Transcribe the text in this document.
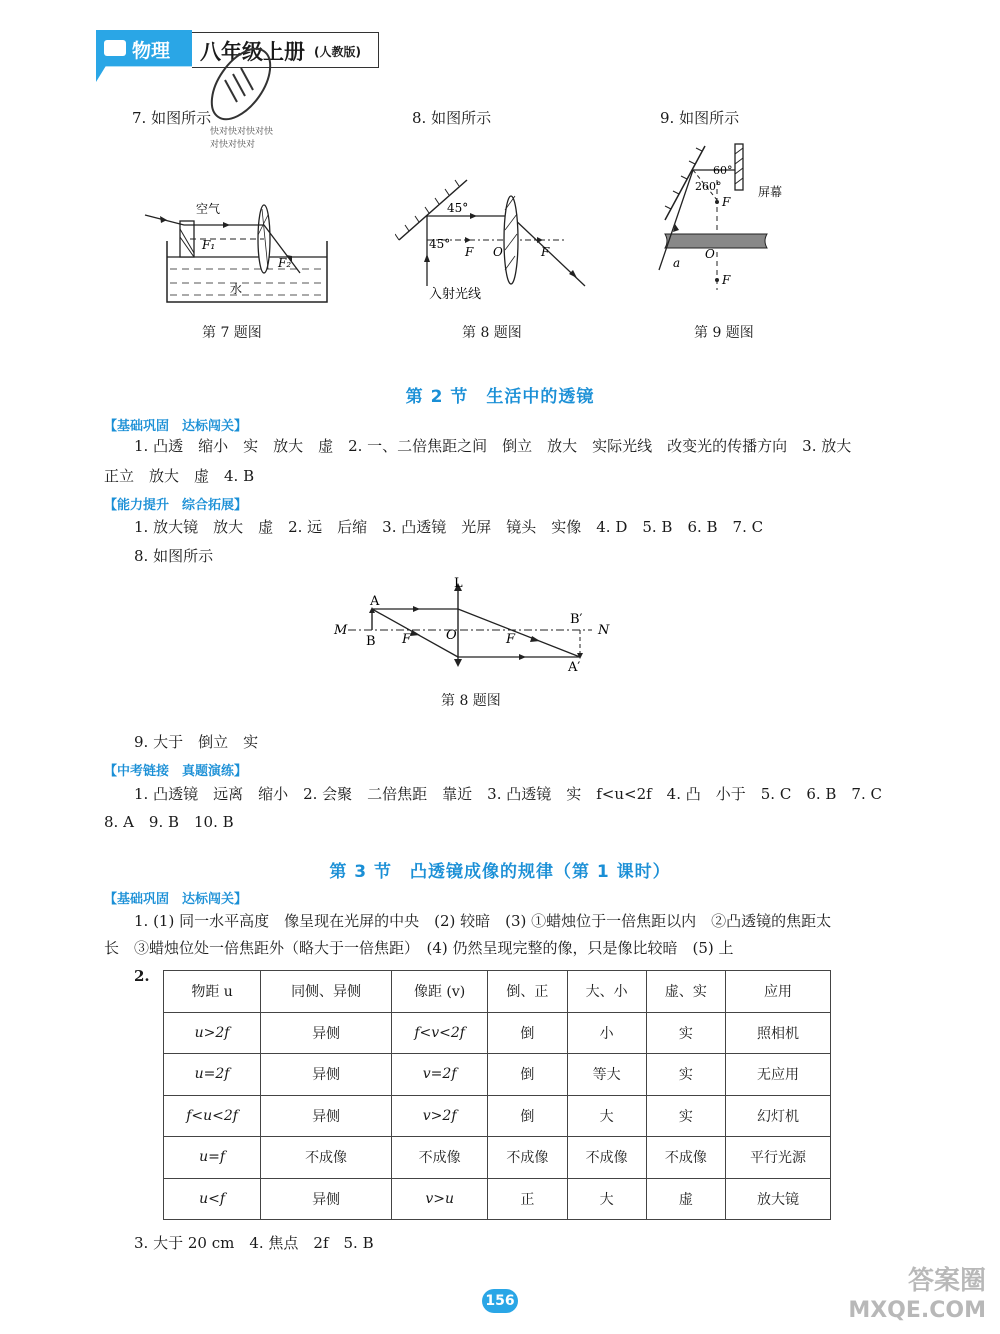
物理 八年级上册 (人教版)
快对快对快对快对快对快对
7. 如图所示	8. 如图所示	9. 如图所示
空气
水
F₁
F₂
第 7 题图
45°
45°
F O	F
入射光线
第 8 题图
60°
260°	屏幕
F
O
a
F
第 9 题图
第 2 节　生活中的透镜
【基础巩固　达标闯关】
1. 凸透　缩小　实　放大　虚　2. 一、二倍焦距之间　倒立　放大　实际光线　改变光的传播方向　3. 放大
正立　放大　虚　4. B
【能力提升　综合拓展】
1. 放大镜　放大　虚　2. 远　后缩　3. 凸透镜　光屏　镜头　实像　4. D　5. B　6. B　7. C
8. 如图所示
A
B
M	N
L
F	O	F
B′
A′
第 8 题图
9. 大于　倒立　实
【中考链接　真题演练】
1. 凸透镜　远离　缩小　2. 会聚　二倍焦距　靠近　3. 凸透镜　实　f<u<2f　4. 凸　小于　5. C　6. B　7. C
8. A　9. B　10. B
第 3 节　凸透镜成像的规律（第 1 课时）
【基础巩固　达标闯关】
1. (1) 同一水平高度　像呈现在光屏的中央　(2) 较暗　(3) ①蜡烛位于一倍焦距以内　②凸透镜的焦距太
长　③蜡烛位处一倍焦距外（略大于一倍焦距）　(4) 仍然呈现完整的像，只是像比较暗　(5) 上
2.
物距 u	同侧、异侧	像距 (v)	倒、正	大、小	虚、实	应用
u>2f	异侧	f<v<2f	倒	小	实	照相机
u=2f	异侧	v=2f	倒	等大	实	无应用
f<u<2f	异侧	v>2f	倒	大	实	幻灯机
u=f	不成像	不成像	不成像	不成像	不成像	平行光源
u<f	异侧	v>u	正	大	虚	放大镜
3. 大于 20 cm　4. 焦点　2f　5. B
156
答案圈
MXQE.COM
